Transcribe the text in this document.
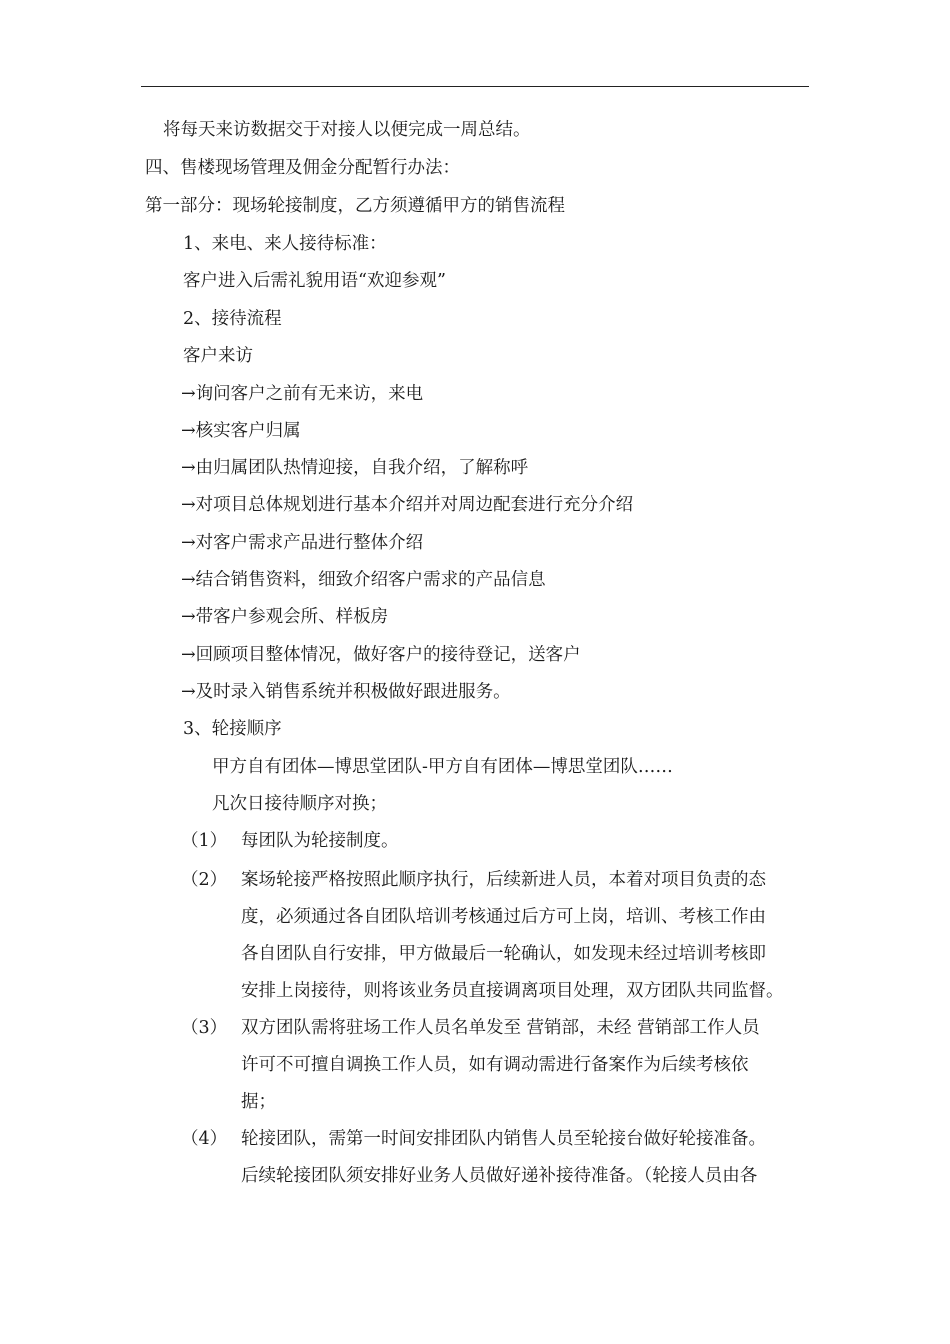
将每天来访数据交于对接人以便完成一周总结。
四、售楼现场管理及佣金分配暂行办法：
第一部分：现场轮接制度，乙方须遵循甲方的销售流程
1、来电、来人接待标准：
客户进入后需礼貌用语“欢迎参观”
2、接待流程
客户来访
→询问客户之前有无来访，来电
→核实客户归属
→由归属团队热情迎接，自我介绍，了解称呼
→对项目总体规划进行基本介绍并对周边配套进行充分介绍
→对客户需求产品进行整体介绍
→结合销售资料，细致介绍客户需求的产品信息
→带客户参观会所、样板房
→回顾项目整体情况，做好客户的接待登记，送客户
→及时录入销售系统并积极做好跟进服务。
3、轮接顺序
甲方自有团体—博思堂团队-甲方自有团体—博思堂团队……
凡次日接待顺序对换；
（1） 每团队为轮接制度。
（2） 案场轮接严格按照此顺序执行，后续新进人员，本着对项目负责的态
度，必须通过各自团队培训考核通过后方可上岗，培训、考核工作由
各自团队自行安排，甲方做最后一轮确认，如发现未经过培训考核即
安排上岗接待，则将该业务员直接调离项目处理，双方团队共同监督。
（3） 双方团队需将驻场工作人员名单发至 营销部，未经 营销部工作人员
许可不可擅自调换工作人员，如有调动需进行备案作为后续考核依
据；
（4） 轮接团队，需第一时间安排团队内销售人员至轮接台做好轮接准备。
后续轮接团队须安排好业务人员做好递补接待准备。（轮接人员由各
